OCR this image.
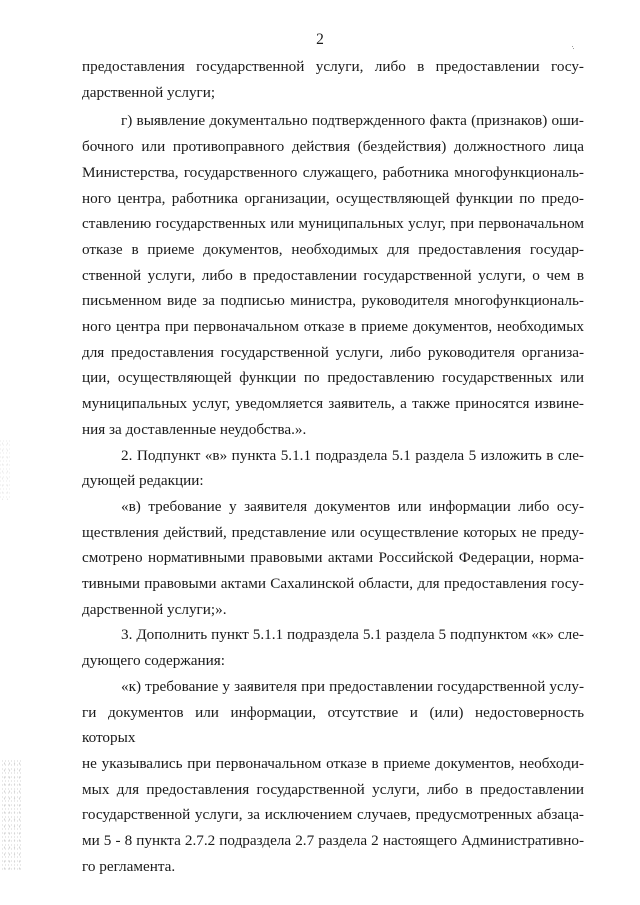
2

предоставления государственной услуги, либо в предоставлении госу-

дарственной услуги;

г) выявление документально подтвержденного факта (признаков) оши-

бочного или противоправного действия (бездействия) должностного лица

Министерства, государственного служащего, работника многофункциональ-

ного центра, работника организации, осуществляющей функции по предо-

ставлению государственных или муниципальных услуг, при первоначальном

отказе в приеме документов, необходимых для предоставления государ-

ственной услуги, либо в предоставлении государственной услуги, о чем в

письменном виде за подписью министра, руководителя многофункциональ-

ного центра при первоначальном отказе в приеме документов, необходимых

для предоставления государственной услуги, либо руководителя организа-

ции, осуществляющей функции по предоставлению государственных или

муниципальных услуг, уведомляется заявитель, а также приносятся извине-

ния за доставленные неудобства.».

2. Подпункт «в» пункта 5.1.1 подраздела 5.1 раздела 5 изложить в сле-

дующей редакции:

«в) требование у заявителя документов или информации либо осу-

ществления действий, представление или осуществление которых не преду-

смотрено нормативными правовыми актами Российской Федерации, норма-

тивными правовыми актами Сахалинской области, для предоставления госу-

дарственной услуги;».

3. Дополнить пункт 5.1.1 подраздела 5.1 раздела 5 подпунктом «к» сле-

дующего содержания:

«к) требование у заявителя при предоставлении государственной услу-

ги документов или информации, отсутствие и (или) недостоверность которых

не указывались при первоначальном отказе в приеме документов, необходи-

мых для предоставления государственной услуги, либо в предоставлении

государственной услуги, за исключением случаев, предусмотренных абзаца-

ми 5 - 8 пункта 2.7.2 подраздела 2.7 раздела 2 настоящего Административно-

го регламента.
